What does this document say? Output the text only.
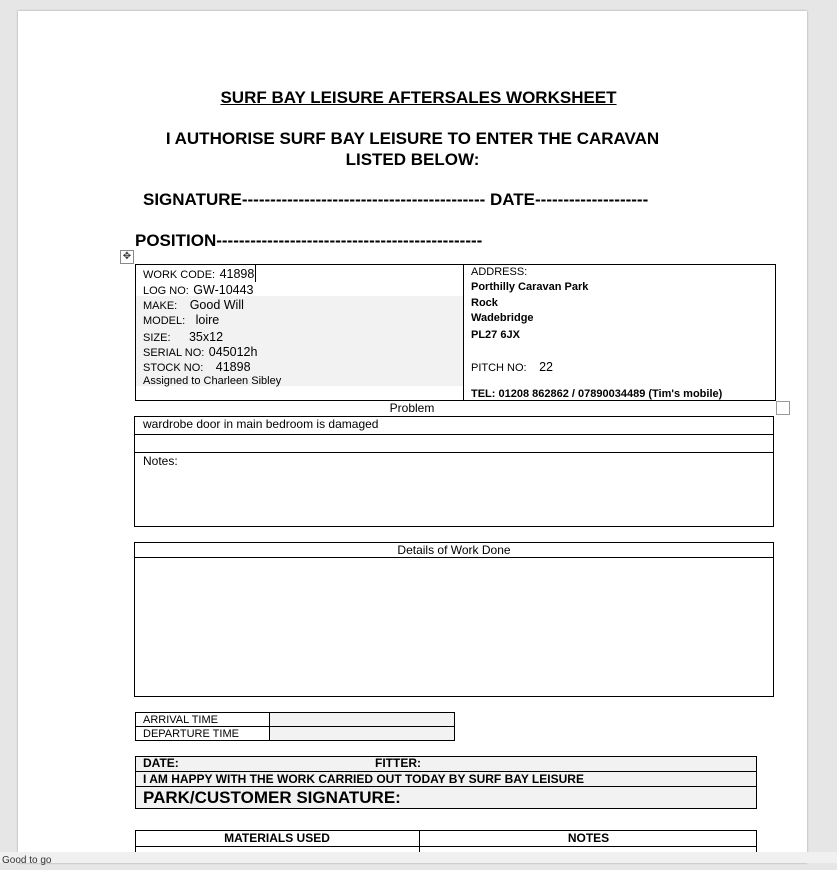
SURF BAY LEISURE AFTERSALES WORKSHEET
I AUTHORISE SURF BAY LEISURE TO ENTER THE CARAVAN
LISTED BELOW:
SIGNATURE------------------------------------------- DATE--------------------
POSITION-----------------------------------------------
✥
WORK CODE: 41898
LOG NO: GW-10443
MAKE: Good Will
MODEL: loire
SIZE: 35x12
SERIAL NO: 045012h
STOCK NO: 41898
Assigned to Charleen Sibley
ADDRESS:
Porthilly Caravan Park
Rock
Wadebridge
PL27 6JX
PITCH NO: 22
TEL: 01208 862862 / 07890034489 (Tim's mobile)
Problem
wardrobe door in main bedroom is damaged
Notes:
Details of Work Done
ARRIVAL TIME
DEPARTURE TIME
DATE:	FITTER:
I AM HAPPY WITH THE WORK CARRIED OUT TODAY BY SURF BAY LEISURE
PARK/CUSTOMER SIGNATURE:
MATERIALS USED	NOTES
Good to go
